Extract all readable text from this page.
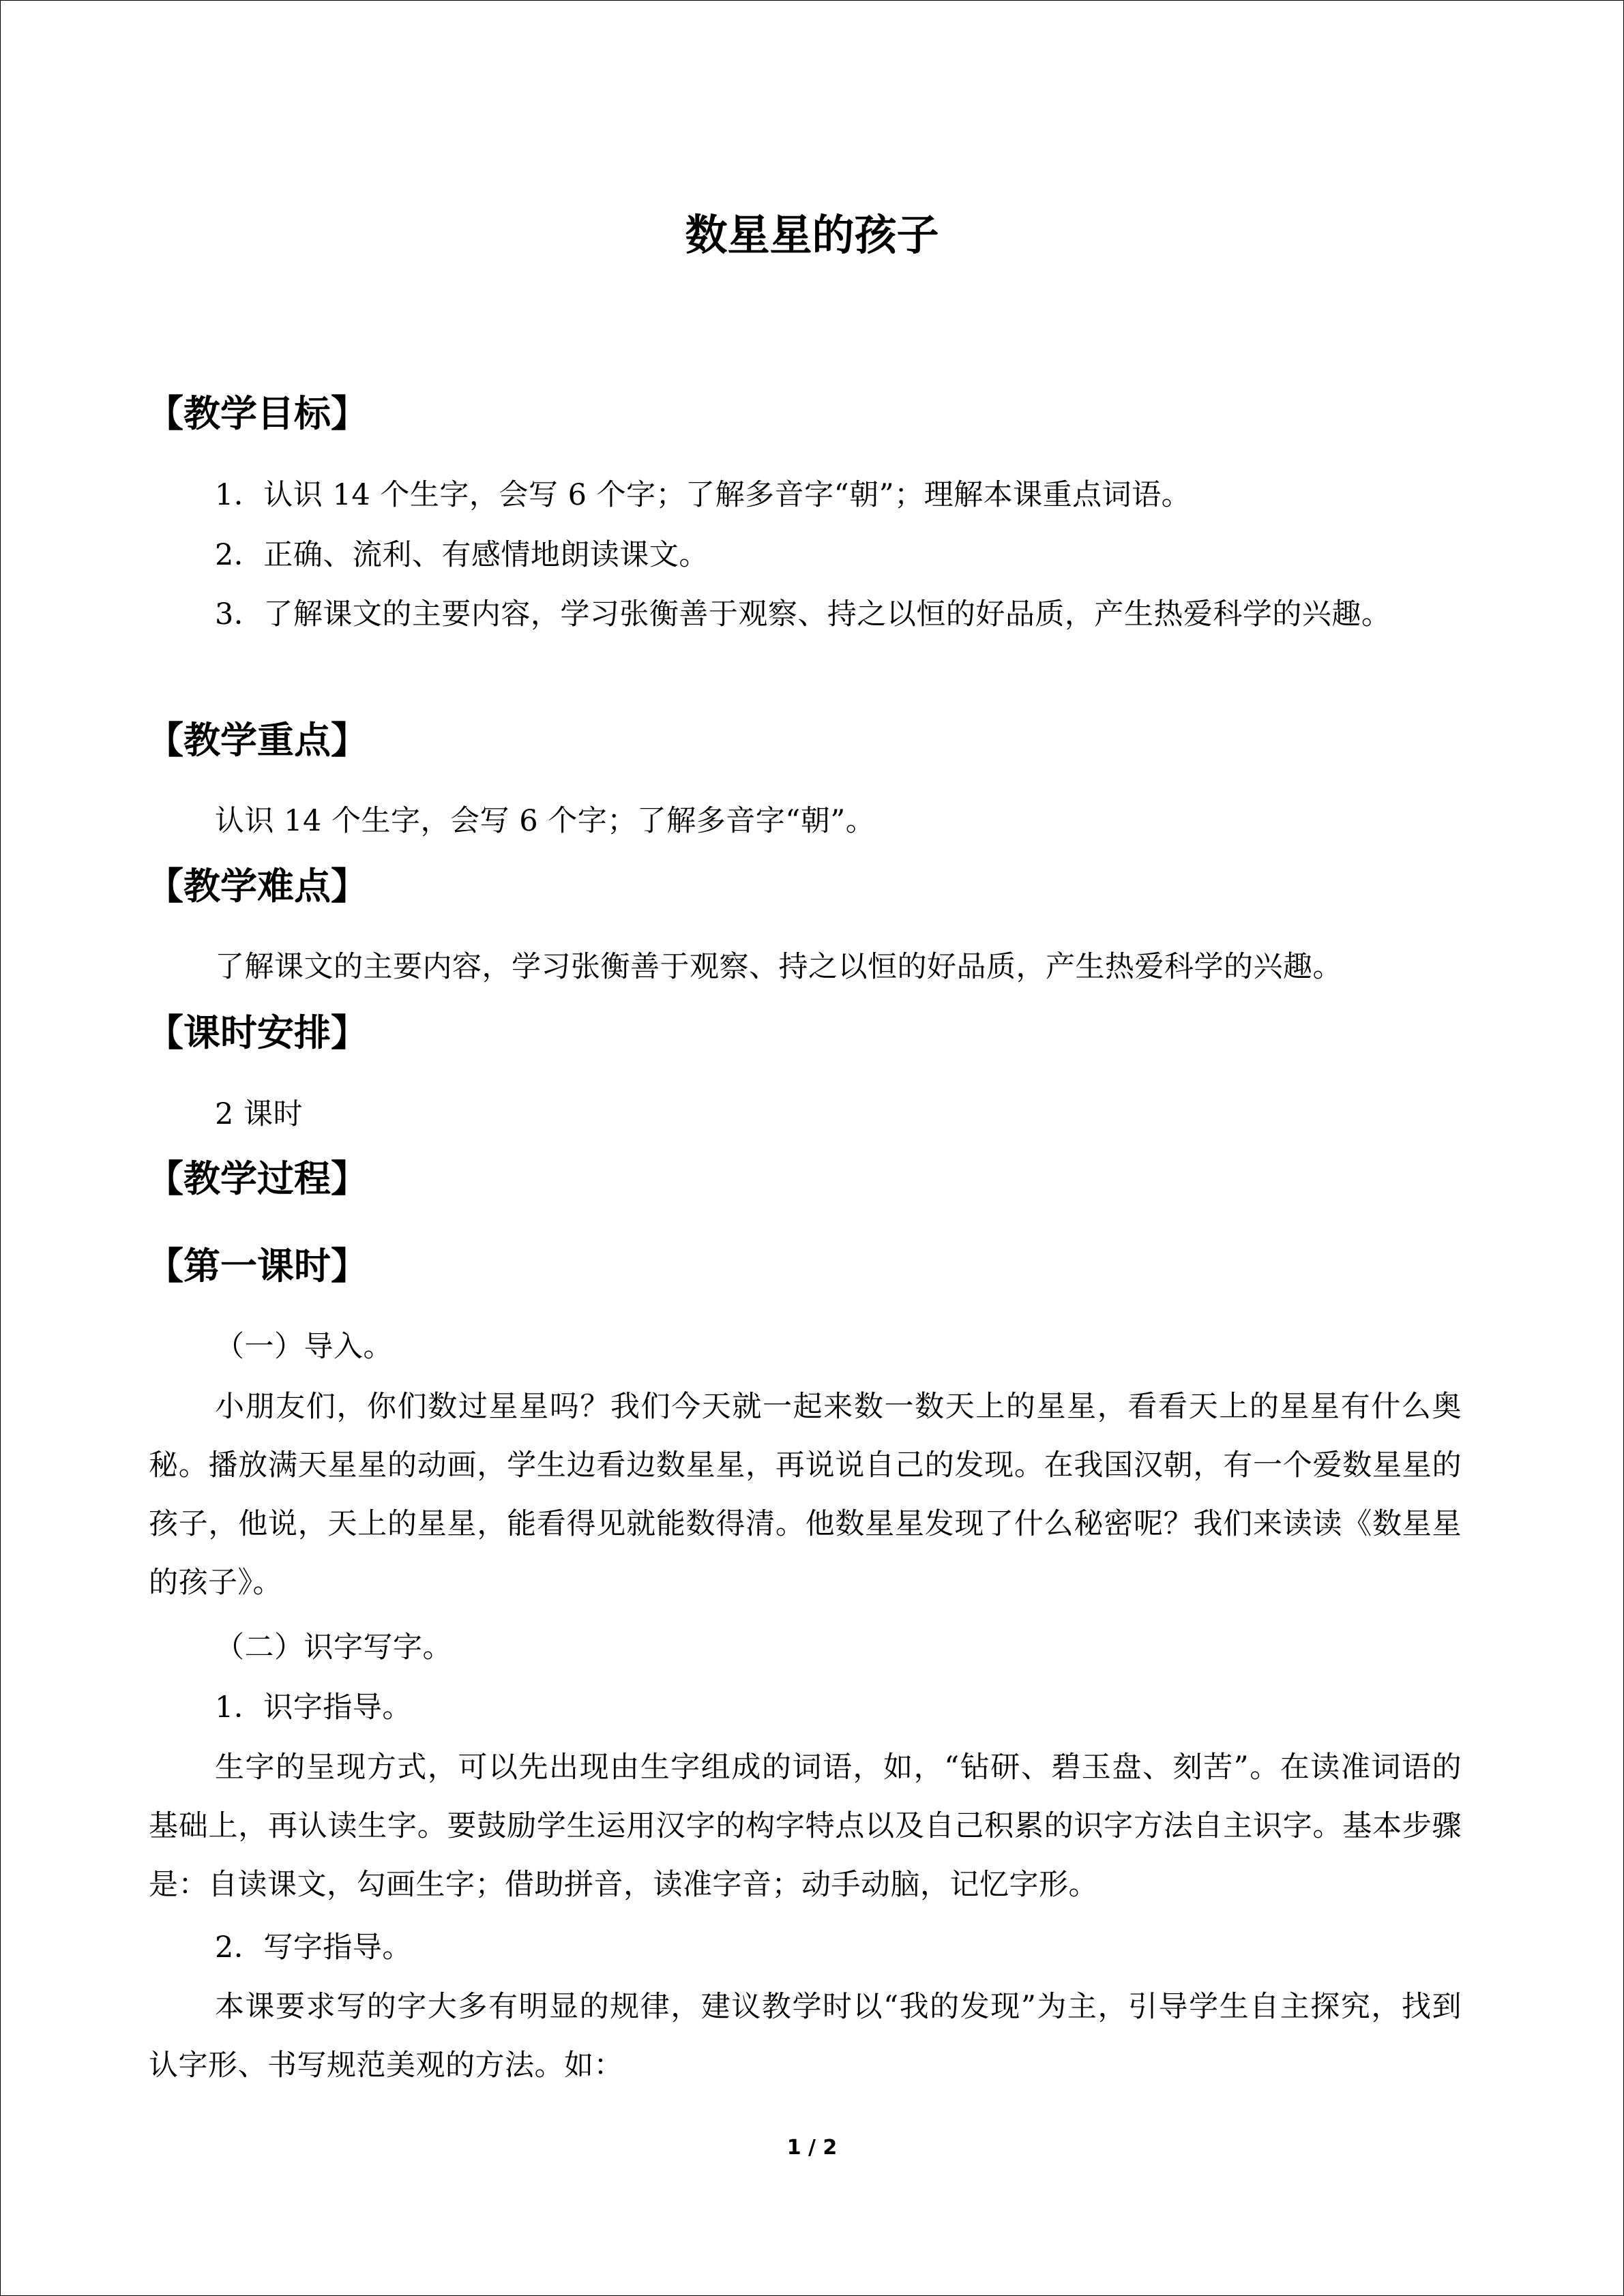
数星星的孩子
【教学目标】

1．认识 14 个生字，会写 6 个字；了解多音字“朝”；理解本课重点词语。

2．正确、流利、有感情地朗读课文。

3．了解课文的主要内容，学习张衡善于观察、持之以恒的好品质，产生热爱科学的兴趣。

【教学重点】

认识 14 个生字，会写 6 个字；了解多音字“朝”。

【教学难点】

了解课文的主要内容，学习张衡善于观察、持之以恒的好品质，产生热爱科学的兴趣。

【课时安排】

2 课时

【教学过程】
【第一课时】

（一）导入。

小朋友们，你们数过星星吗？我们今天就一起来数一数天上的星星，看看天上的星星有什么奥秘。播放满天星星的动画，学生边看边数星星，再说说自己的发现。在我国汉朝，有一个爱数星星的孩子，他说，天上的星星，能看得见就能数得清。他数星星发现了什么秘密呢？我们来读读《数星星的孩子》。

（二）识字写字。

1．识字指导。

生字的呈现方式，可以先出现由生字组成的词语，如，“钻研、碧玉盘、刻苦”。在读准词语的基础上，再认读生字。要鼓励学生运用汉字的构字特点以及自己积累的识字方法自主识字。基本步骤是：自读课文，勾画生字；借助拼音，读准字音；动手动脑，记忆字形。

2．写字指导。

本课要求写的字大多有明显的规律，建议教学时以“我的发现”为主，引导学生自主探究，找到认字形、书写规范美观的方法。如：

1 / 2
